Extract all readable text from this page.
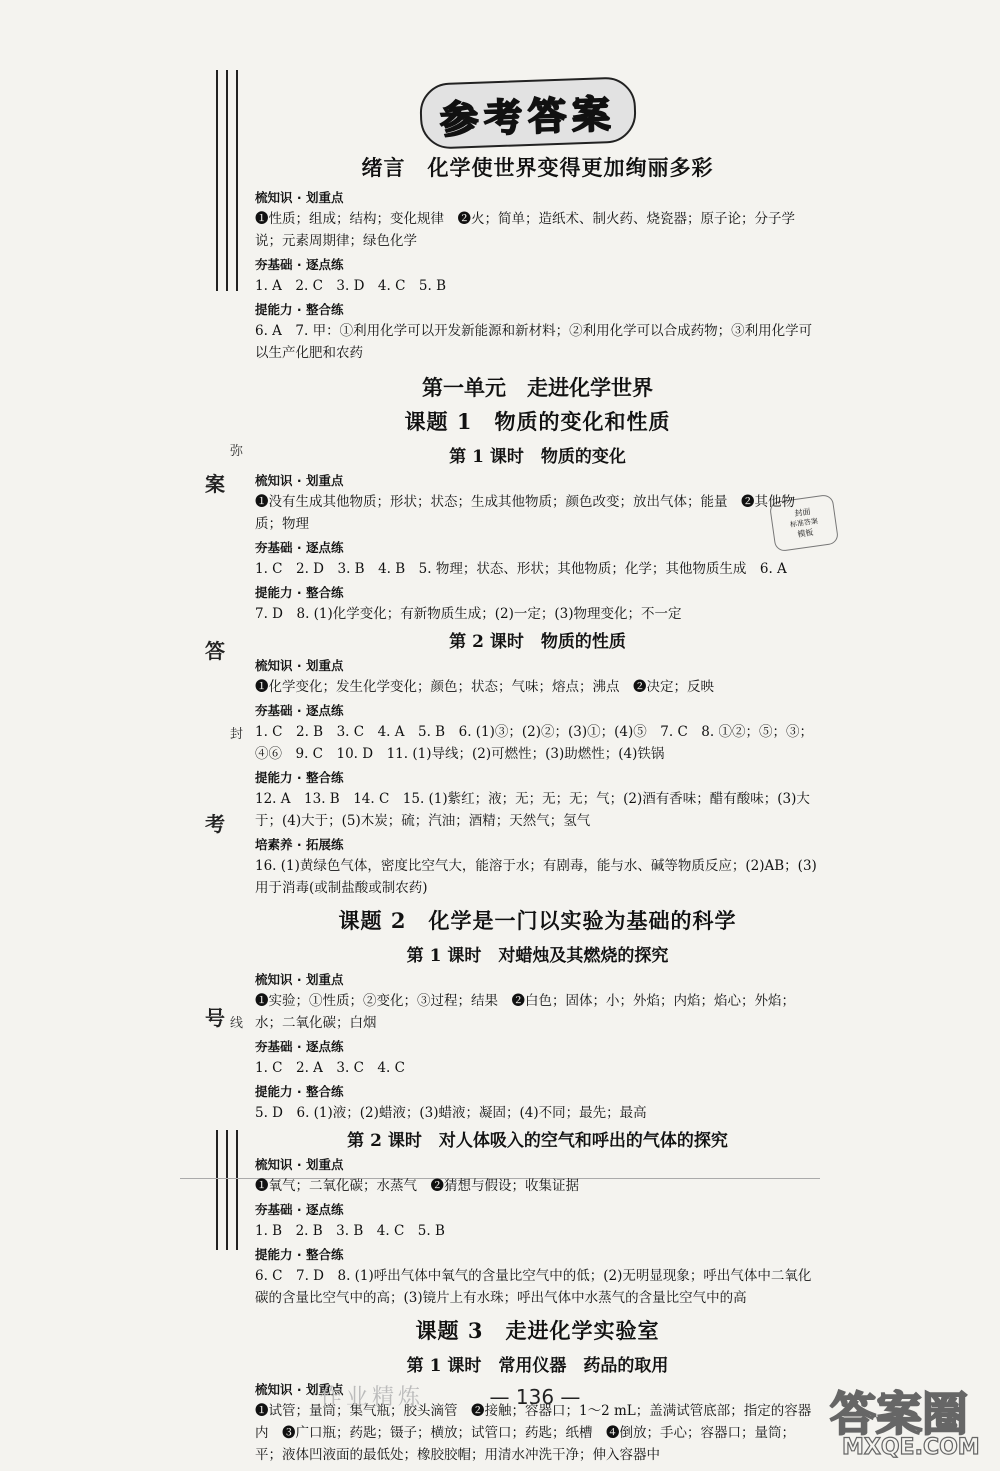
弥
案
答
封
考
号 线
参考答案
封面
标准答案
模板
绪言　化学使世界变得更加绚丽多彩
梳知识 · 划重点

❶性质；组成；结构；变化规律　❷火；简单；造纸术、制火药、烧瓷器；原子论；分子学说；元素周期律；绿色化学

夯基础 · 逐点练

1. A　2. C　3. D　4. C　5. B

提能力 · 整合练

6. A　7. 甲：①利用化学可以开发新能源和新材料；②利用化学可以合成药物；③利用化学可以生产化肥和农药

第一单元　走进化学世界
课题 1　物质的变化和性质
第 1 课时　物质的变化
梳知识 · 划重点

❶没有生成其他物质；形状；状态；生成其他物质；颜色改变；放出气体；能量　❷其他物质；物理

夯基础 · 逐点练

1. C　2. D　3. B　4. B　5. 物理；状态、形状；其他物质；化学；其他物质生成　6. A

提能力 · 整合练

7. D　8. (1)化学变化；有新物质生成；(2)一定；(3)物理变化；不一定

第 2 课时　物质的性质
梳知识 · 划重点

❶化学变化；发生化学变化；颜色；状态；气味；熔点；沸点　❷决定；反映

夯基础 · 逐点练

1. C　2. B　3. C　4. A　5. B　6. (1)③；(2)②；(3)①；(4)⑤　7. C　8. ①②；⑤；③；④⑥　9. C　10. D　11. (1)导线；(2)可燃性；(3)助燃性；(4)铁锅

提能力 · 整合练

12. A　13. B　14. C　15. (1)紫红；液；无；无；无；气；(2)酒有香味；醋有酸味；(3)大于；(4)大于；(5)木炭；硫；汽油；酒精；天然气；氢气

培素养 · 拓展练

16. (1)黄绿色气体，密度比空气大，能溶于水；有剧毒，能与水、碱等物质反应；(2)AB；(3)用于消毒(或制盐酸或制农药)

课题 2　化学是一门以实验为基础的科学
第 1 课时　对蜡烛及其燃烧的探究
梳知识 · 划重点

❶实验；①性质；②变化；③过程；结果　❷白色；固体；小；外焰；内焰；焰心；外焰；水；二氧化碳；白烟

夯基础 · 逐点练

1. C　2. A　3. C　4. C

提能力 · 整合练

5. D　6. (1)液；(2)蜡液；(3)蜡液；凝固；(4)不同；最先；最高

第 2 课时　对人体吸入的空气和呼出的气体的探究
梳知识 · 划重点

❶氧气；二氧化碳；水蒸气　❷猜想与假设；收集证据

夯基础 · 逐点练

1. B　2. B　3. B　4. C　5. B

提能力 · 整合练

6. C　7. D　8. (1)呼出气体中氧气的含量比空气中的低；(2)无明显现象；呼出气体中二氧化碳的含量比空气中的高；(3)镜片上有水珠；呼出气体中水蒸气的含量比空气中的高

课题 3　走进化学实验室
第 1 课时　常用仪器　药品的取用
梳知识 · 划重点

❶试管；量筒；集气瓶；胶头滴管　❷接触；容器口；1～2 mL；盖满试管底部；指定的容器内　❸广口瓶；药匙；镊子；横放；试管口；药匙；纸槽　❹倒放；手心；容器口；量筒；平；液体凹液面的最低处；橡胶胶帽；用清水冲洗干净；伸入容器中

作业精炼	— 136 —	答案圈
MXQE.COM
